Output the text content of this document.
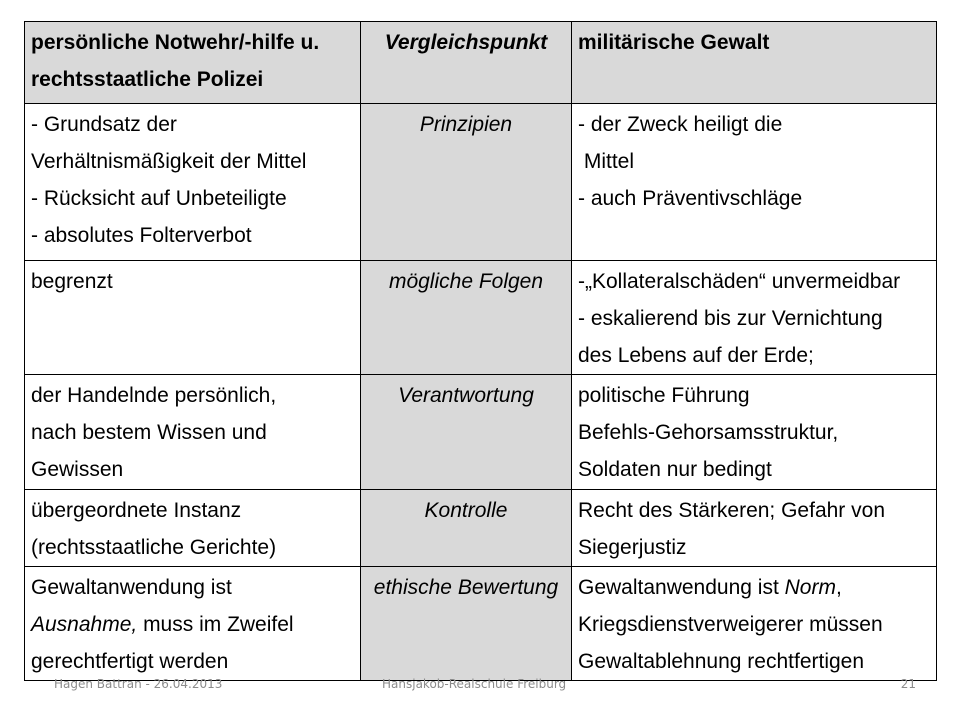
persönliche Notwehr/-hilfe u.
rechtsstaatliche Polizei	Vergleichspunkt	militärische Gewalt

- Grundsatz der
Verhältnismäßigkeit der Mittel
- Rücksicht auf Unbeteiligte
- absolutes Folterverbot	Prinzipien	- der Zweck heiligt die
Mittel
- auch Präventivschläge

begrenzt	mögliche Folgen	-„Kollateralschäden“ unvermeidbar
- eskalierend bis zur Vernichtung
des Lebens auf der Erde;

der Handelnde persönlich,
nach bestem Wissen und
Gewissen	Verantwortung	politische Führung
Befehls-Gehorsamsstruktur,
Soldaten nur bedingt

übergeordnete Instanz
(rechtsstaatliche Gerichte)	Kontrolle	Recht des Stärkeren; Gefahr von
Siegerjustiz

Gewaltanwendung ist
Ausnahme, muss im Zweifel
gerechtfertigt werden	ethische Bewertung	Gewaltanwendung ist Norm,
Kriegsdienstverweigerer müssen
Gewaltablehnung rechtfertigen
Hagen Battran - 26.04.2013	Hansjakob-Realschule Freiburg	21
